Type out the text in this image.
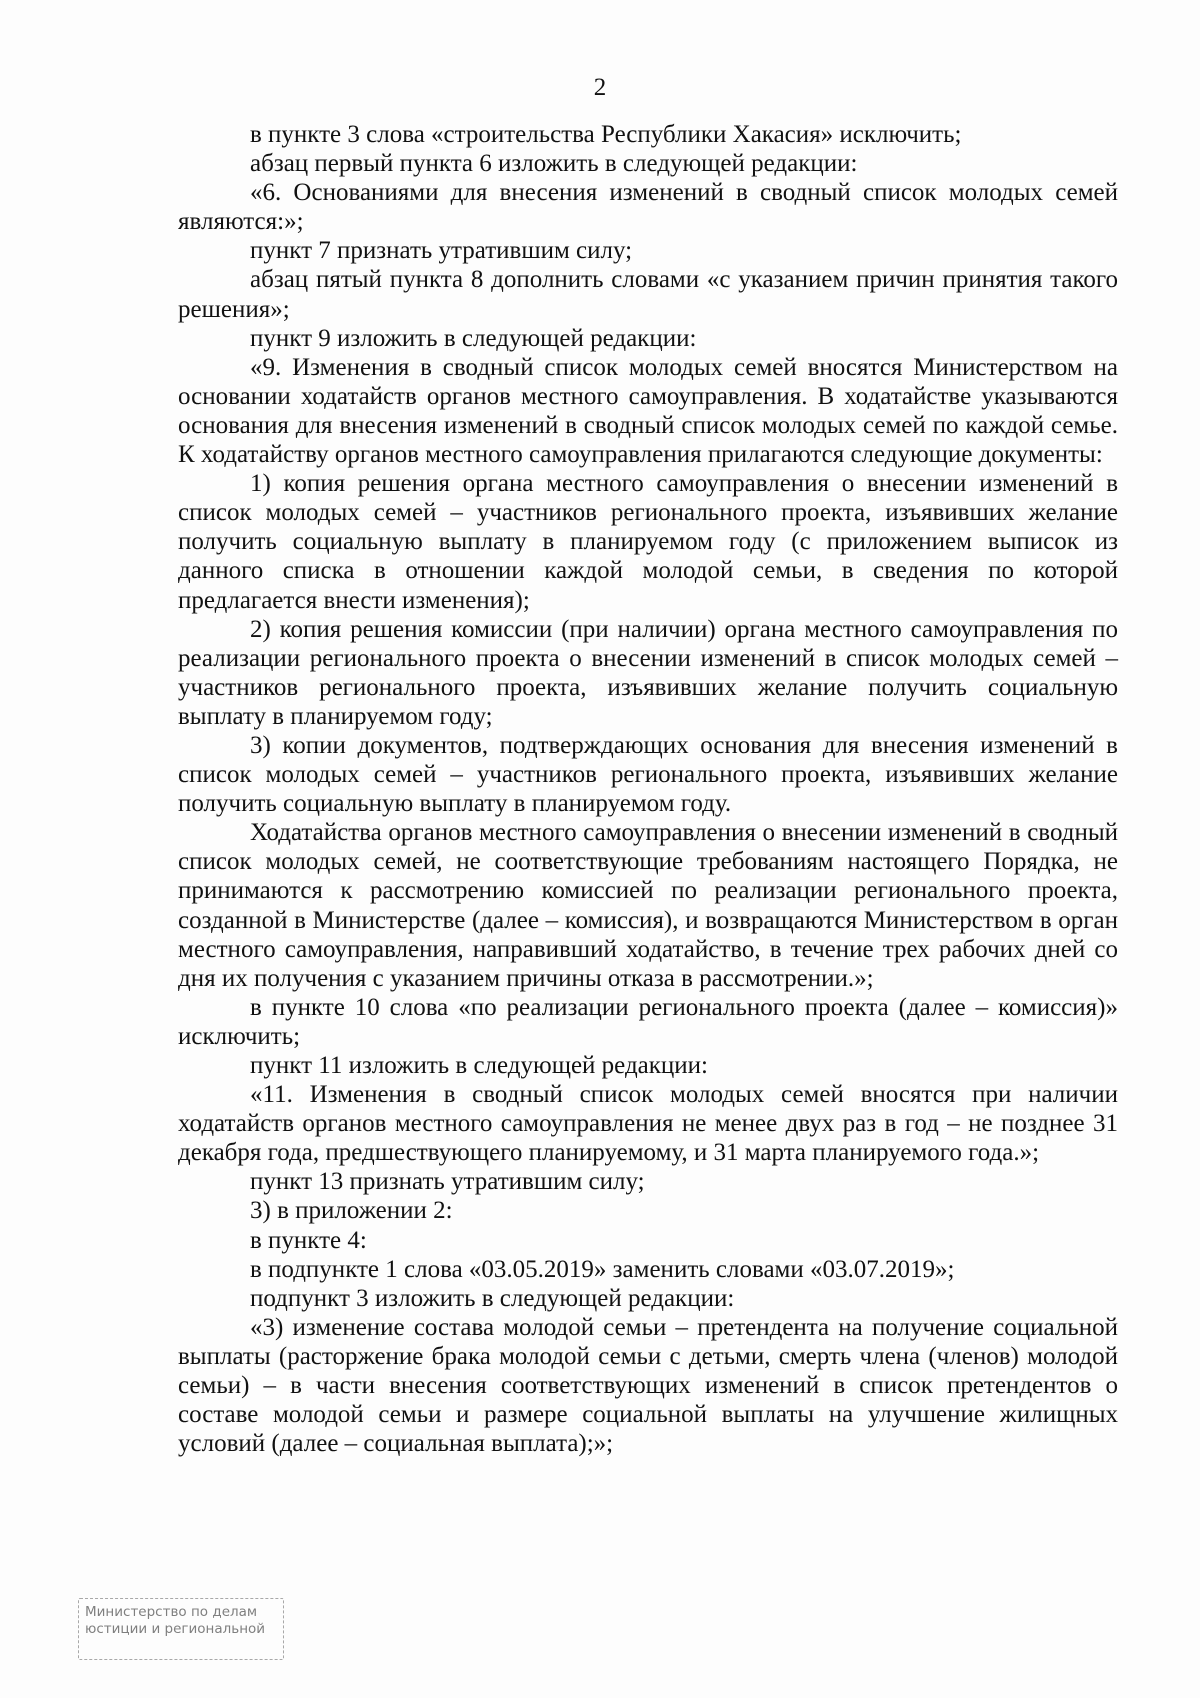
2

в пункте 3 слова «строительства Республики Хакасия» исключить;

абзац первый пункта 6 изложить в следующей редакции:

«6. Основаниями для внесения изменений в сводный список молодых семей являются:»;

пункт 7 признать утратившим силу;

абзац пятый пункта 8 дополнить словами «с указанием причин принятия такого решения»;

пункт 9 изложить в следующей редакции:

«9. Изменения в сводный список молодых семей вносятся Министерством на основании ходатайств органов местного самоуправления. В ходатайстве указываются основания для внесения изменений в сводный список молодых семей по каждой семье. К ходатайству органов местного самоуправления прилагаются следующие документы:

1) копия решения органа местного самоуправления о внесении изменений в список молодых семей – участников регионального проекта, изъявивших желание получить социальную выплату в планируемом году (с приложением выписок из данного списка в отношении каждой молодой семьи, в сведения по которой предлагается внести изменения);

2) копия решения комиссии (при наличии) органа местного самоуправления по реализации регионального проекта о внесении изменений в список молодых семей – участников регионального проекта, изъявивших желание получить социальную выплату в планируемом году;

3) копии документов, подтверждающих основания для внесения изменений в список молодых семей – участников регионального проекта, изъявивших желание получить социальную выплату в планируемом году.

Ходатайства органов местного самоуправления о внесении изменений в сводный список молодых семей, не соответствующие требованиям настоящего Порядка, не принимаются к рассмотрению комиссией по реализации регионального проекта, созданной в Министерстве (далее – комиссия), и возвращаются Министерством в орган местного самоуправления, направивший ходатайство, в течение трех рабочих дней со дня их получения с указанием причины отказа в рассмотрении.»;

в пункте 10 слова «по реализации регионального проекта (далее – комиссия)» исключить;

пункт 11 изложить в следующей редакции:

«11. Изменения в сводный список молодых семей вносятся при наличии ходатайств органов местного самоуправления не менее двух раз в год – не позднее 31 декабря года, предшествующего планируемому, и 31 марта планируемого года.»;

пункт 13 признать утратившим силу;

3) в приложении 2:

в пункте 4:

в подпункте 1 слова «03.05.2019» заменить словами «03.07.2019»;

подпункт 3 изложить в следующей редакции:

«3) изменение состава молодой семьи – претендента на получение социальной выплаты (расторжение брака молодой семьи с детьми, смерть члена (членов) молодой семьи) – в части внесения соответствующих изменений в список претендентов о составе молодой семьи и размере социальной выплаты на улучшение жилищных условий (далее – социальная выплата);»;

Министерство по делам
юстиции и региональной
